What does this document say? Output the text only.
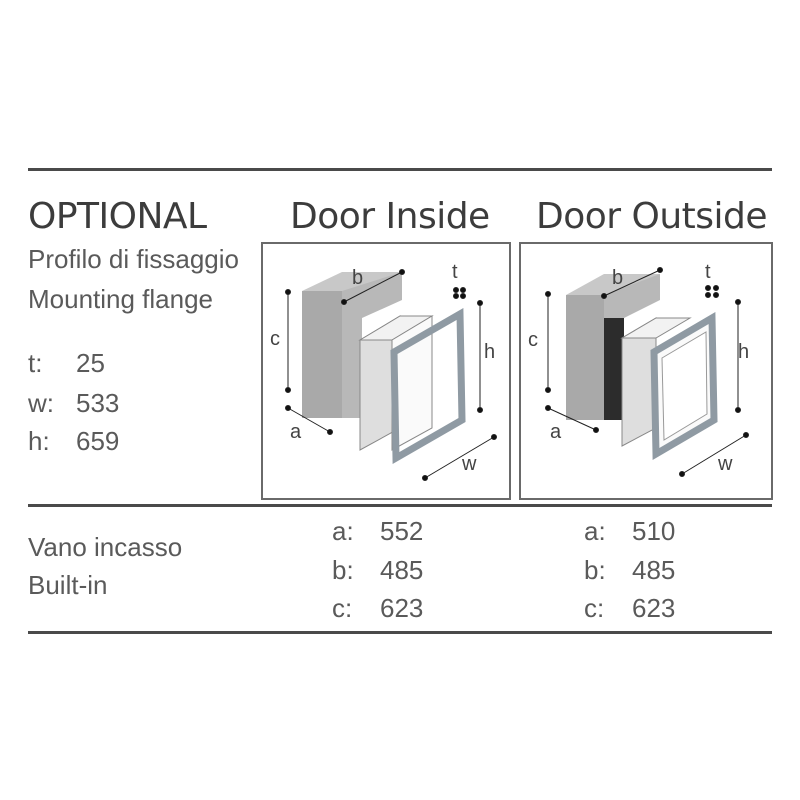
OPTIONAL Door Inside Door Outside
Profilo di fissaggio
Mounting flange
t: 25
w: 533
h: 659
b
c
a
h
t
w
b
c
a
h
t
w
Vano incasso
Built-in
a: 552
b: 485
c: 623
a: 510
b: 485
c: 623
